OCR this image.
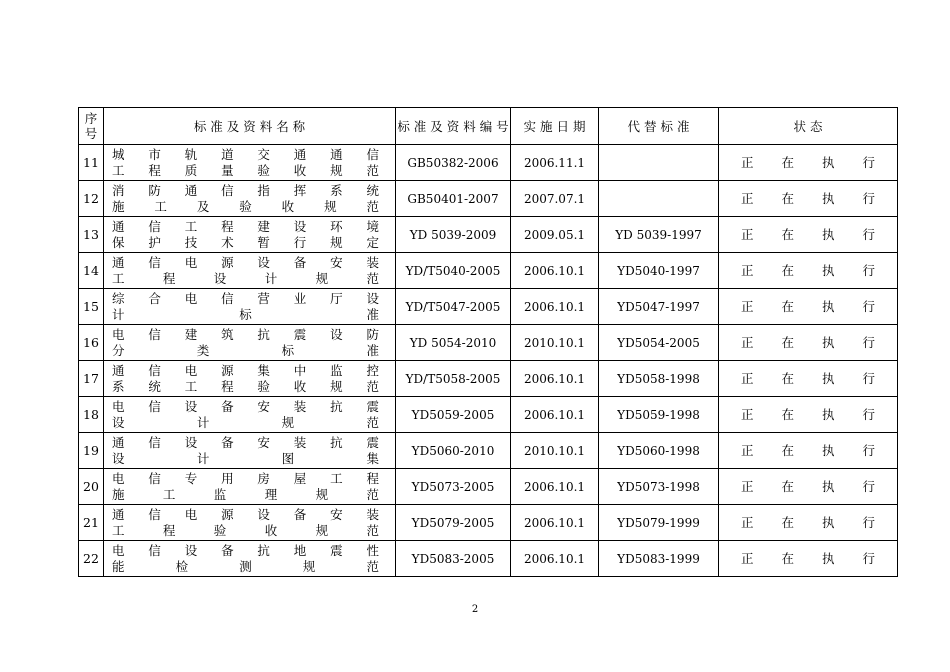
序号	标 准 及 资 料 名 称	标 准 及 资 料 编 号	实 施 日 期	代 替 标 准	状 态
11	城 市 轨 道 交 通 通 信 工 程 质 量 验 收 规 范	GB50382-2006	2006.11.1		正 在 执 行
12	消 防 通 信 指 挥 系 统 施 工 及 验 收 规 范	GB50401-2007	2007.07.1		正 在 执 行
13	通 信 工 程 建 设 环 境 保 护 技 术 暂 行 规 定	YD 5039-2009	2009.05.1	YD 5039-1997	正 在 执 行
14	通 信 电 源 设 备 安 装 工 程 设 计 规 范	YD/T5040-2005	2006.10.1	YD5040-1997	正 在 执 行
15	综 合 电 信 营 业 厅 设 计 标 准	YD/T5047-2005	2006.10.1	YD5047-1997	正 在 执 行
16	电 信 建 筑 抗 震 设 防 分 类 标 准	YD 5054-2010	2010.10.1	YD5054-2005	正 在 执 行
17	通 信 电 源 集 中 监 控 系 统 工 程 验 收 规 范	YD/T5058-2005	2006.10.1	YD5058-1998	正 在 执 行
18	电 信 设 备 安 装 抗 震 设 计 规 范	YD5059-2005	2006.10.1	YD5059-1998	正 在 执 行
19	通 信 设 备 安 装 抗 震 设 计 图 集	YD5060-2010	2010.10.1	YD5060-1998	正 在 执 行
20	电 信 专 用 房 屋 工 程 施 工 监 理 规 范	YD5073-2005	2006.10.1	YD5073-1998	正 在 执 行
21	通 信 电 源 设 备 安 装 工 程 验 收 规 范	YD5079-2005	2006.10.1	YD5079-1999	正 在 执 行
22	电 信 设 备 抗 地 震 性 能 检 测 规 范	YD5083-2005	2006.10.1	YD5083-1999	正 在 执 行
2
